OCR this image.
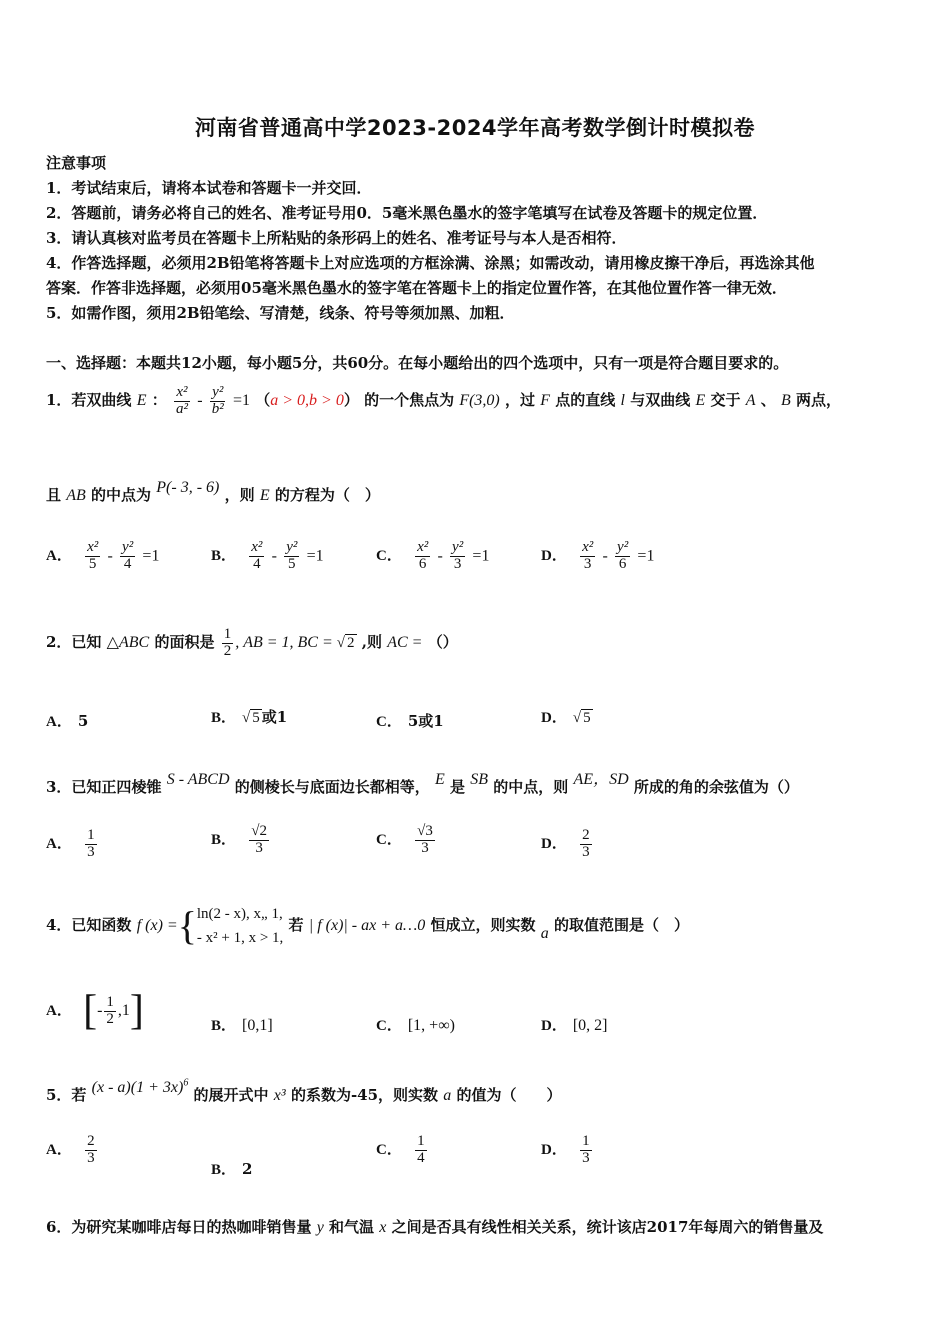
河南省普通高中学2023-2024学年高考数学倒计时模拟卷
注意事项
1．考试结束后，请将本试卷和答题卡一并交回．
2．答题前，请务必将自己的姓名、准考证号用0．5毫米黑色墨水的签字笔填写在试卷及答题卡的规定位置．
3．请认真核对监考员在答题卡上所粘贴的条形码上的姓名、准考证号与本人是否相符．
4．作答选择题，必须用2B铅笔将答题卡上对应选项的方框涂满、涂黑；如需改动，请用橡皮擦干净后，再选涂其他
答案．作答非选择题，必须用05毫米黑色墨水的签字笔在答题卡上的指定位置作答，在其他位置作答一律无效．
5．如需作图，须用2B铅笔绘、写清楚，线条、符号等须加黑、加粗．
一、选择题：本题共12小题，每小题5分，共60分。在每小题给出的四个选项中，只有一项是符合题目要求的。
1．若双曲线 E ： $\frac{\text{x²}}{\text{a²}} - \frac{\text{y²}}{\text{b²}} =1$ （a > 0,b > 0） 的一个焦点为 F(3,0) ，过 F 点的直线 l 与双曲线 E 交于 A 、 B 两点，
且 AB 的中点为 P(- 3, - 6) ，则 E 的方程为（　）
A． $\frac{\text{x²}}{5} - \frac{\text{y²}}{4} =1$	B． $\frac{\text{x²}}{4} - \frac{\text{y²}}{5} =1$	C． $\frac{\text{x²}}{6} - \frac{\text{y²}}{3} =1$	D． $\frac{\text{x²}}{3} - \frac{\text{y²}}{6} =1$
2．已知 △ABC 的面积是 $\frac{1}{2}$ , AB = 1, BC = √ 2 ,则 AC = （）
A． 5	B． √ 5 或1	C． 5或1	D． √ 5
3．已知正四棱锥 S - ABCD 的侧棱长与底面边长都相等， E 是 SB 的中点，则 AE，SD 所成的角的余弦值为（）
A． $\frac{1}{3}$	B． $\frac{√2}{3}$	C． $\frac{√3}{3}$	D． $\frac{2}{3}$
4．已知函数 f (x) ={ln(2 - x), x„ 1,
- x² + 1, x > 1, 若 | f (x)| - ax + a…0 恒成立，则实数 a 的取值范围是（　）
A． [- $\frac{1}{2} ,1$]	B． [0,1]	C． [1, +∞)	D． [0, 2]
5．若 $(x - a)(1 + 3x)^6$ 的展开式中 x³ 的系数为-45，则实数 a 的值为（　　）
A． $\frac{2}{3}$
B． 2
C． $\frac{1}{4}$	D． $\frac{1}{3}$
6．为研究某咖啡店每日的热咖啡销售量 y 和气温 x 之间是否具有线性相关关系，统计该店2017年每周六的销售量及
